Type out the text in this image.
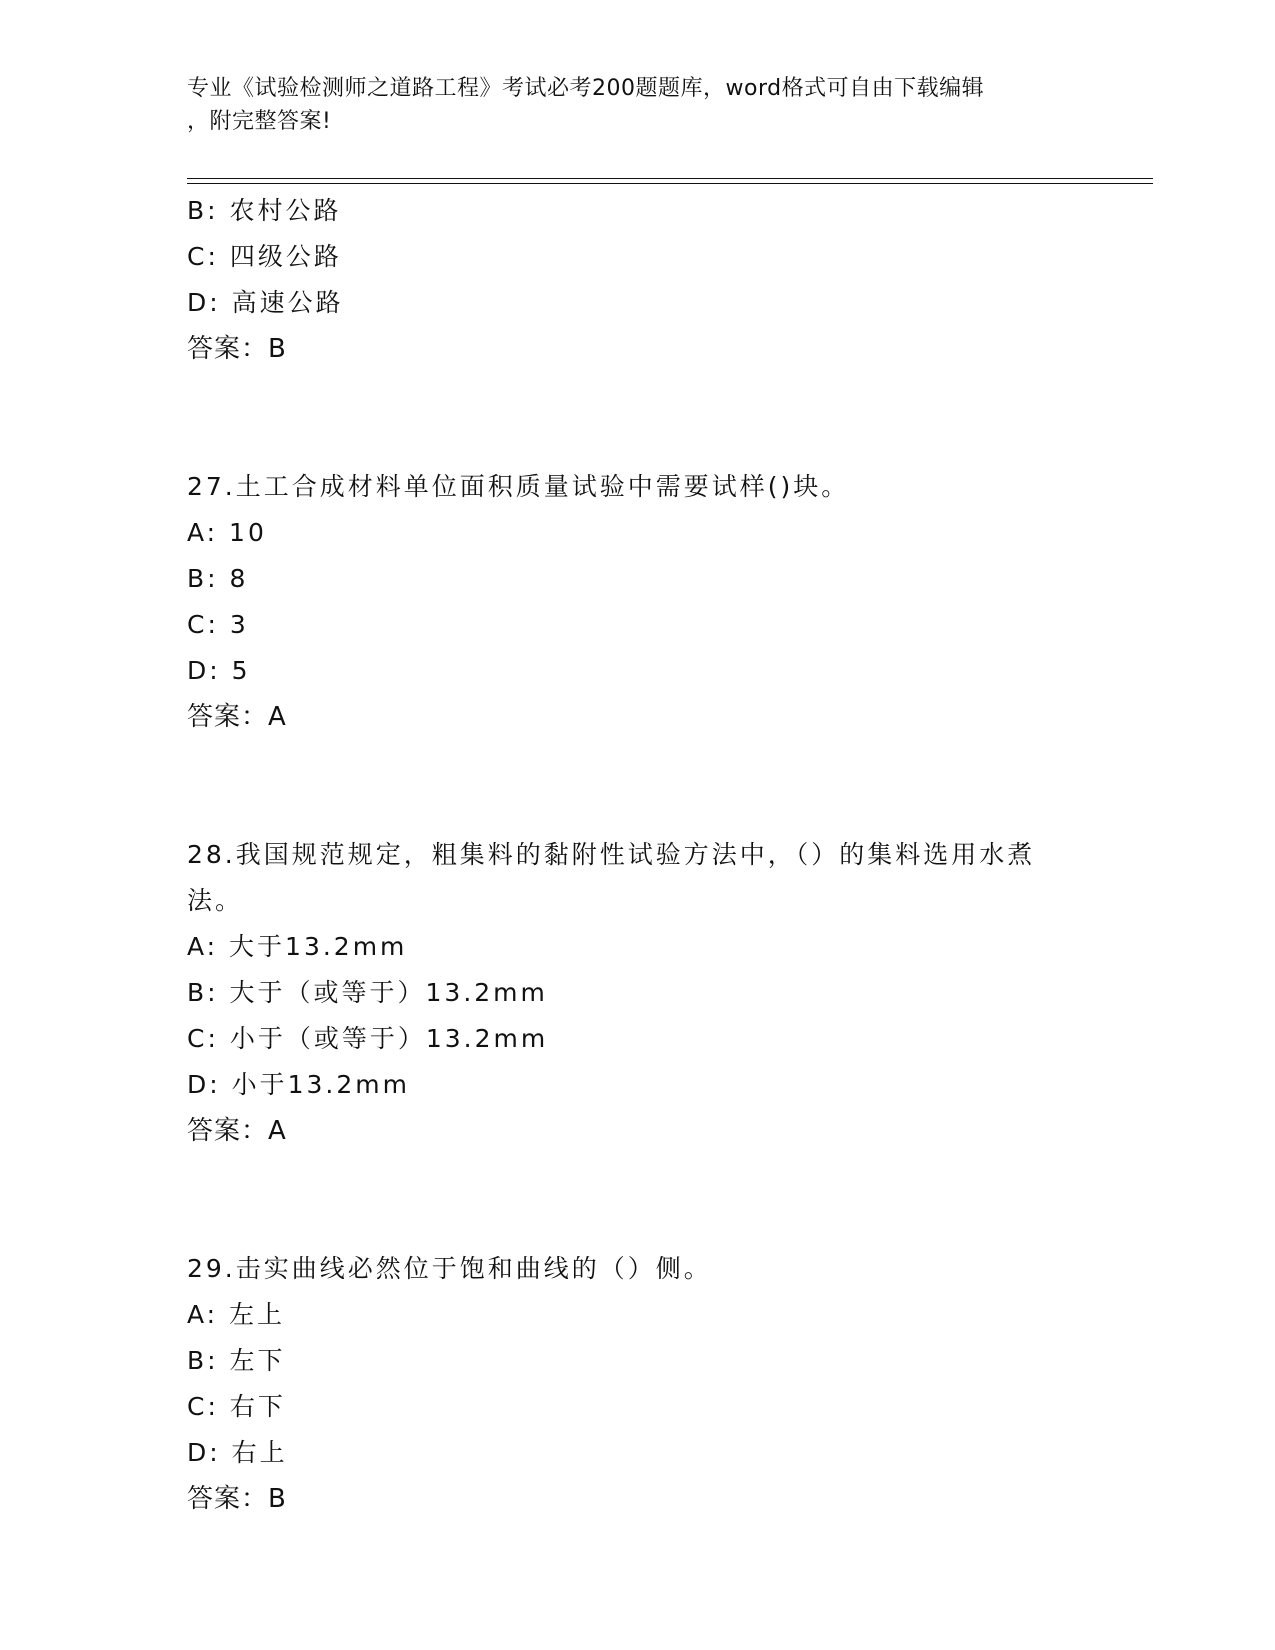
专业《试验检测师之道路工程》考试必考200题题库，word格式可自由下载编辑
，附完整答案!
B: 农村公路
C: 四级公路
D: 高速公路
答案：B
27.土工合成材料单位面积质量试验中需要试样()块。
A: 10
B: 8
C: 3
D: 5
答案：A
28.我国规范规定，粗集料的黏附性试验方法中，（）的集料选用水煮
法。
A: 大于13.2mm
B: 大于（或等于）13.2mm
C: 小于（或等于）13.2mm
D: 小于13.2mm
答案：A
29.击实曲线必然位于饱和曲线的（）侧。
A: 左上
B: 左下
C: 右下
D: 右上
答案：B
